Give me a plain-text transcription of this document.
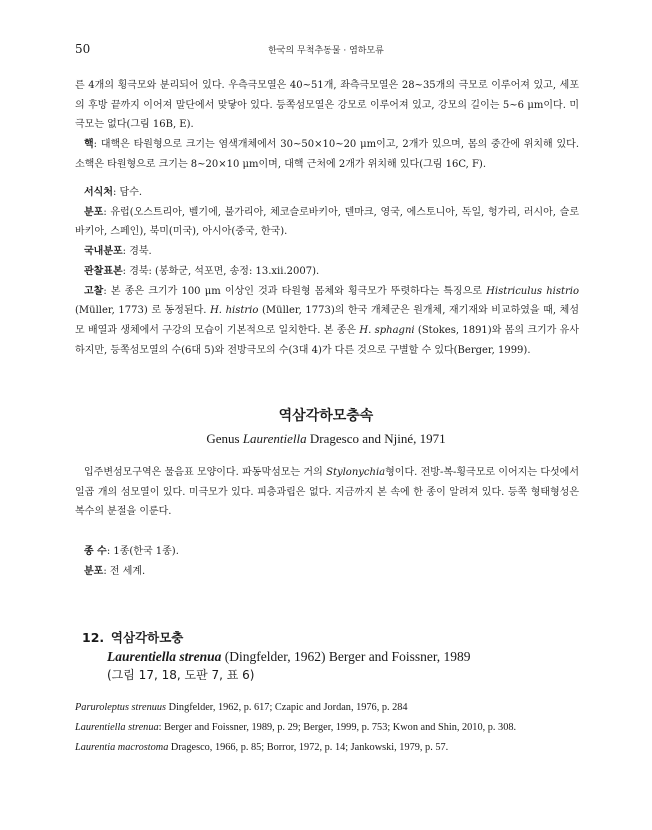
50	한국의 무척추동물 · 염하모류

른 4개의 횡극모와 분리되어 있다. 우측극모열은 40~51개, 좌측극모열은 28~35개의 극모로 이루어져 있고, 세포의 후방 끝까지 이어져 말단에서 맞닿아 있다. 등쪽섬모열은 강모로 이루어져 있고, 강모의 길이는 5~6 μm이다. 미극모는 없다(그림 16B, E).

핵: 대핵은 타원형으로 크기는 염색개체에서 30~50×10~20 μm이고, 2개가 있으며, 몸의 중간에 위치해 있다. 소핵은 타원형으로 크기는 8~20×10 μm이며, 대핵 근처에 2개가 위치해 있다(그림 16C, F).

서식처: 담수.

분포: 유럽(오스트리아, 벨기에, 불가리아, 체코슬로바키아, 덴마크, 영국, 에스토니아, 독일, 헝가리, 러시아, 슬로바키아, 스페인), 북미(미국), 아시아(중국, 한국).

국내분포: 경북.

관찰표본: 경북: (봉화군, 석포면, 송정: 13.xii.2007).

고찰: 본 종은 크기가 100 μm 이상인 것과 타원형 몸체와 횡극모가 뚜렷하다는 특징으로 Histriculus histrio (Müller, 1773) 로 동정된다. H. histrio (Müller, 1773)의 한국 개체군은 원개체, 재기재와 비교하였을 때, 체섬모 배열과 생체에서 구강의 모습이 기본적으로 일치한다. 본 종은 H. sphagni (Stokes, 1891)와 몸의 크기가 유사하지만, 등쪽섬모열의 수(6대 5)와 전방극모의 수(3대 4)가 다른 것으로 구별할 수 있다(Berger, 1999).

역삼각하모충속
Genus Laurentiella Dragesco and Njiné, 1971

입주변섬모구역은 물음표 모양이다. 파동막섬모는 거의 Stylonychia형이다. 전방-복-횡극모로 이어지는 다섯에서 일곱 개의 섬모열이 있다. 미극모가 있다. 피층과립은 없다. 지금까지 본 속에 한 종이 알려져 있다. 등쪽 형태형성은 복수의 분절을 이룬다.

종 수: 1종(한국 1종).

분포: 전 세계.

12. 역삼각하모충
Laurentiella strenua (Dingfelder, 1962) Berger and Foissner, 1989
(그림 17, 18, 도판 7, 표 6)

Paruroleptus strenuus Dingfelder, 1962, p. 617; Czapic and Jordan, 1976, p. 284

Laurentiella strenua: Berger and Foissner, 1989, p. 29; Berger, 1999, p. 753; Kwon and Shin, 2010, p. 308.

Laurentia macrostoma Dragesco, 1966, p. 85; Borror, 1972, p. 14; Jankowski, 1979, p. 57.
